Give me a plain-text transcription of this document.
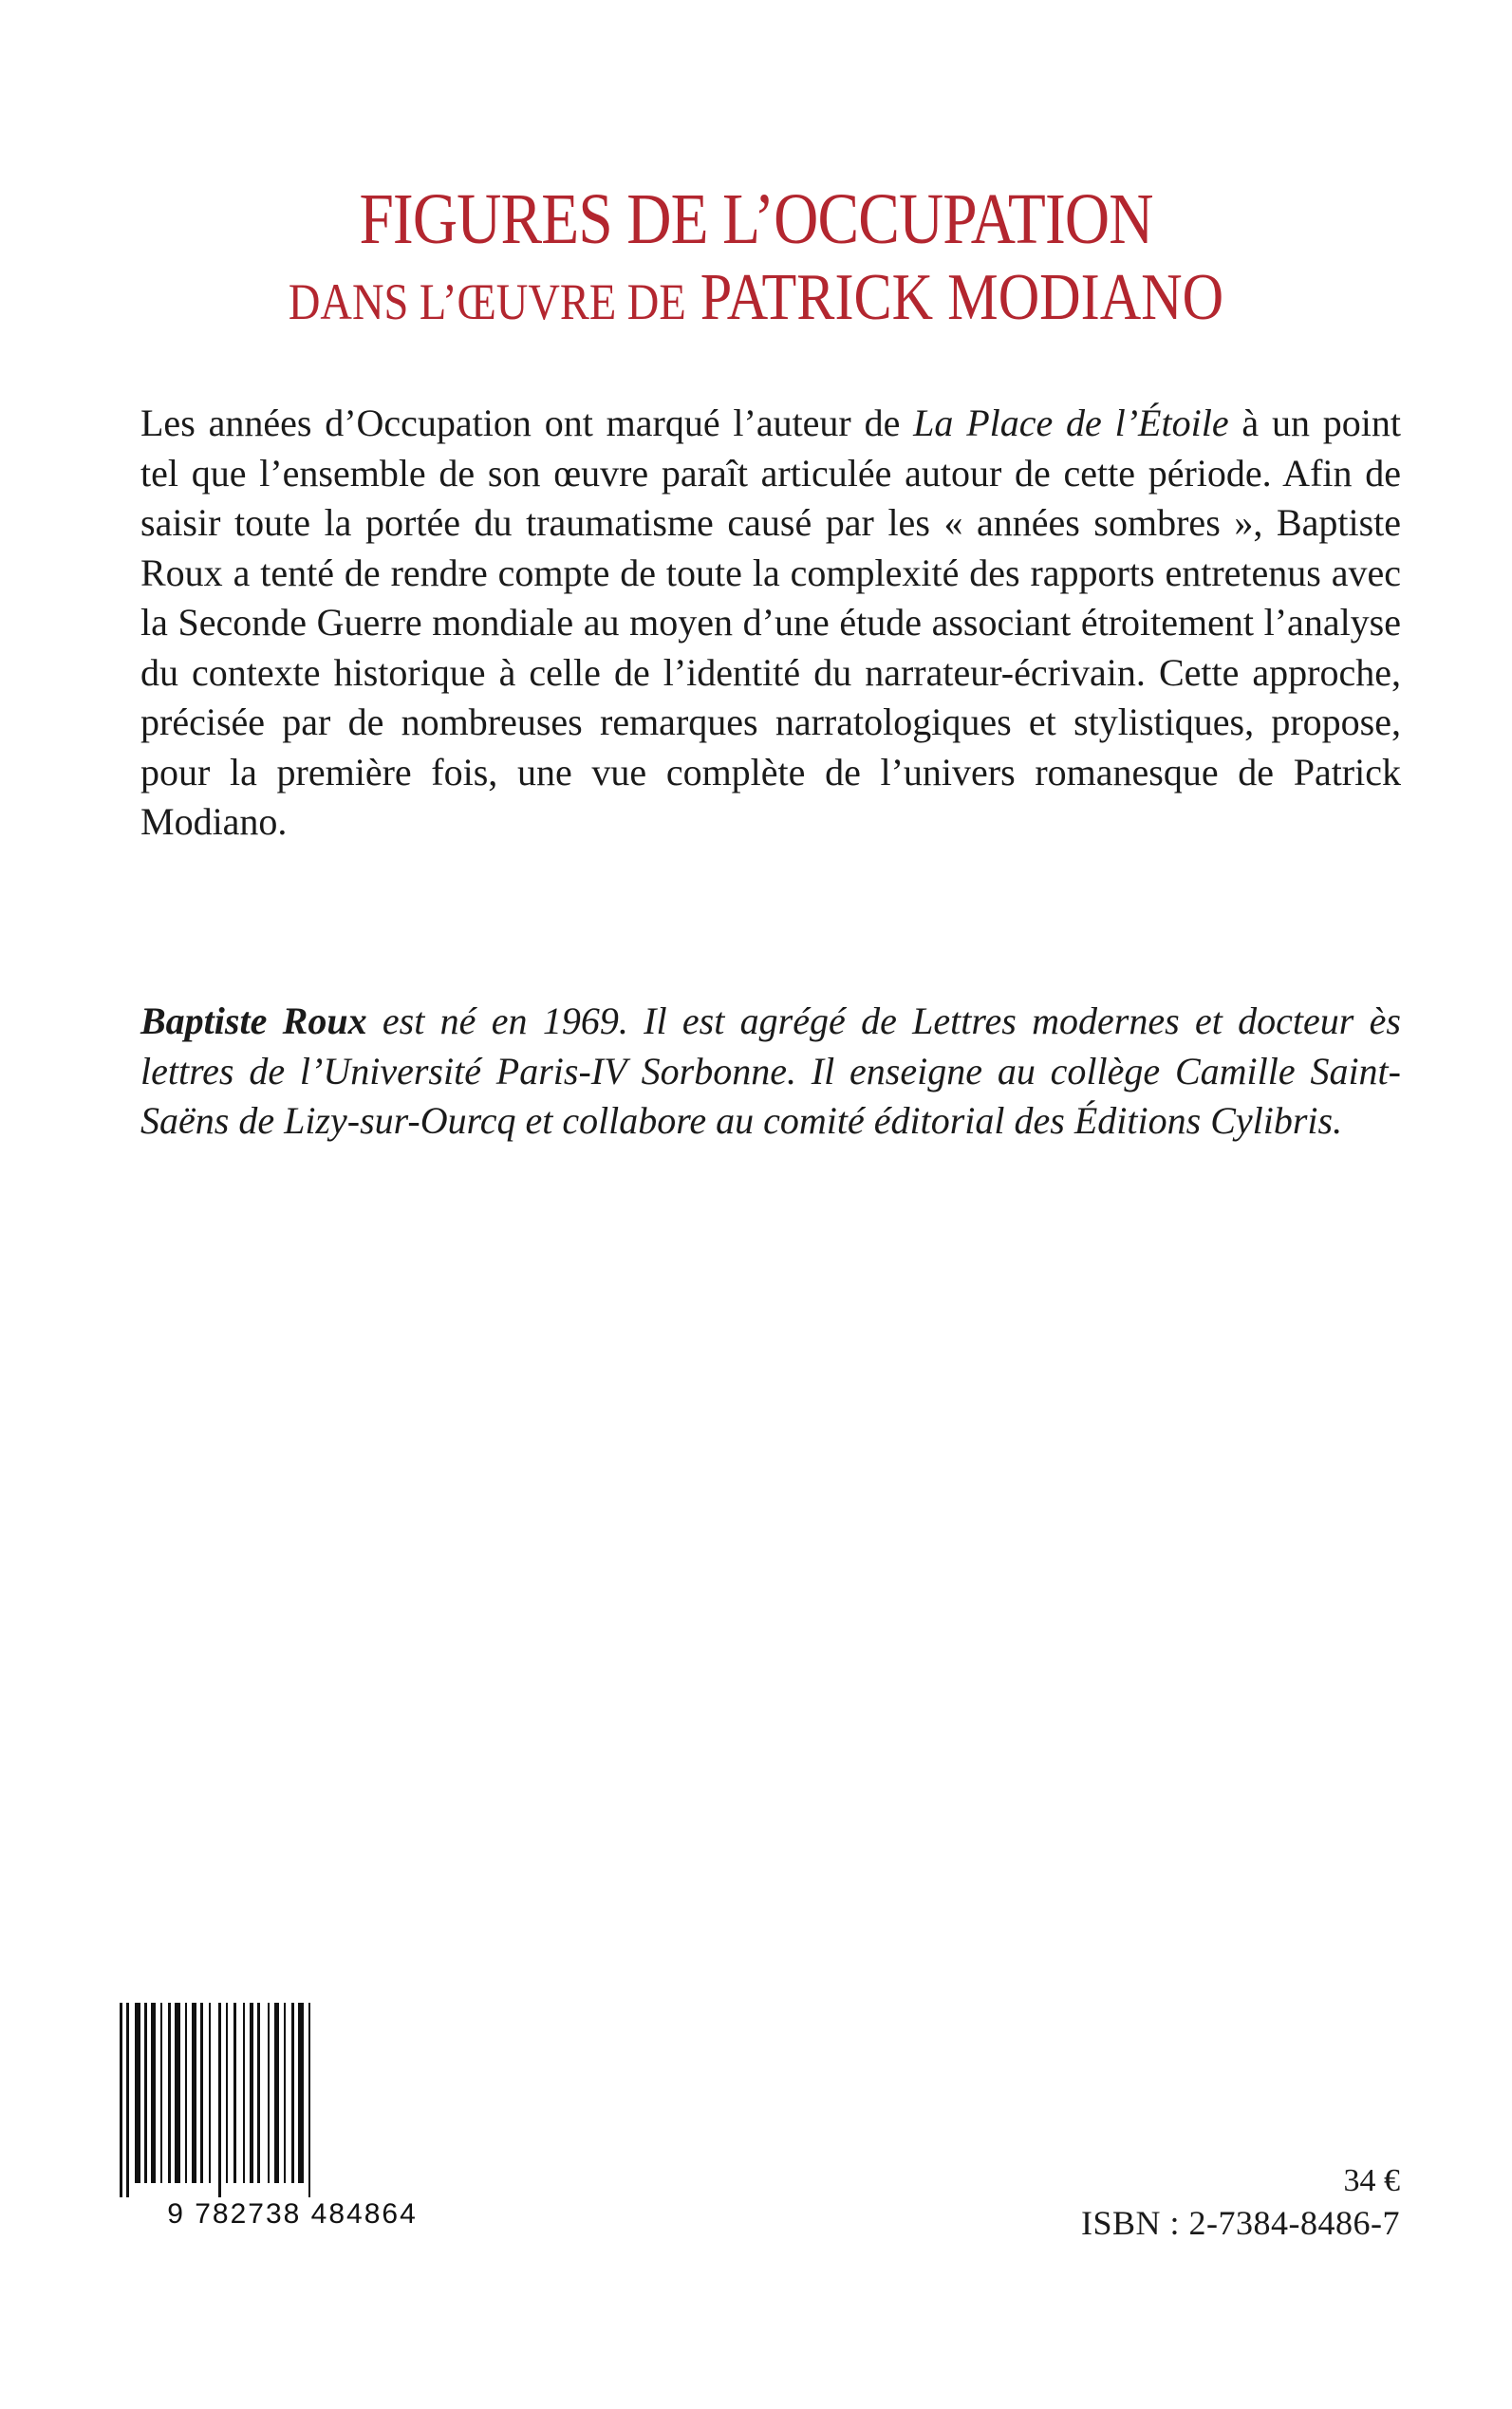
FIGURES DE L’OCCUPATION
DANS L’ŒUVRE DE PATRICK MODIANO

Les années d’Occupation ont marqué l’auteur de La Place de l’Étoile à un point tel que l’ensemble de son œuvre paraît articulée autour de cette période. Afin de saisir toute la portée du traumatisme causé par les « années sombres », Baptiste Roux a tenté de rendre compte de toute la complexité des rapports entretenus avec la Seconde Guerre mondiale au moyen d’une étude associant étroitement l’analyse du contexte historique à celle de l’identité du narrateur-écrivain. Cette approche, précisée par de nombreuses remarques narratologiques et stylistiques, propose, pour la première fois, une vue complète de l’univers romanesque de Patrick Modiano.

Baptiste Roux est né en 1969. Il est agrégé de Lettres modernes et docteur ès lettres de l’Université Paris-IV Sorbonne. Il enseigne au collège Camille Saint-Saëns de Lizy-sur-Ourcq et collabore au comité éditorial des Éditions Cylibris.

9 782738 484864
34 €
ISBN : 2-7384-8486-7
